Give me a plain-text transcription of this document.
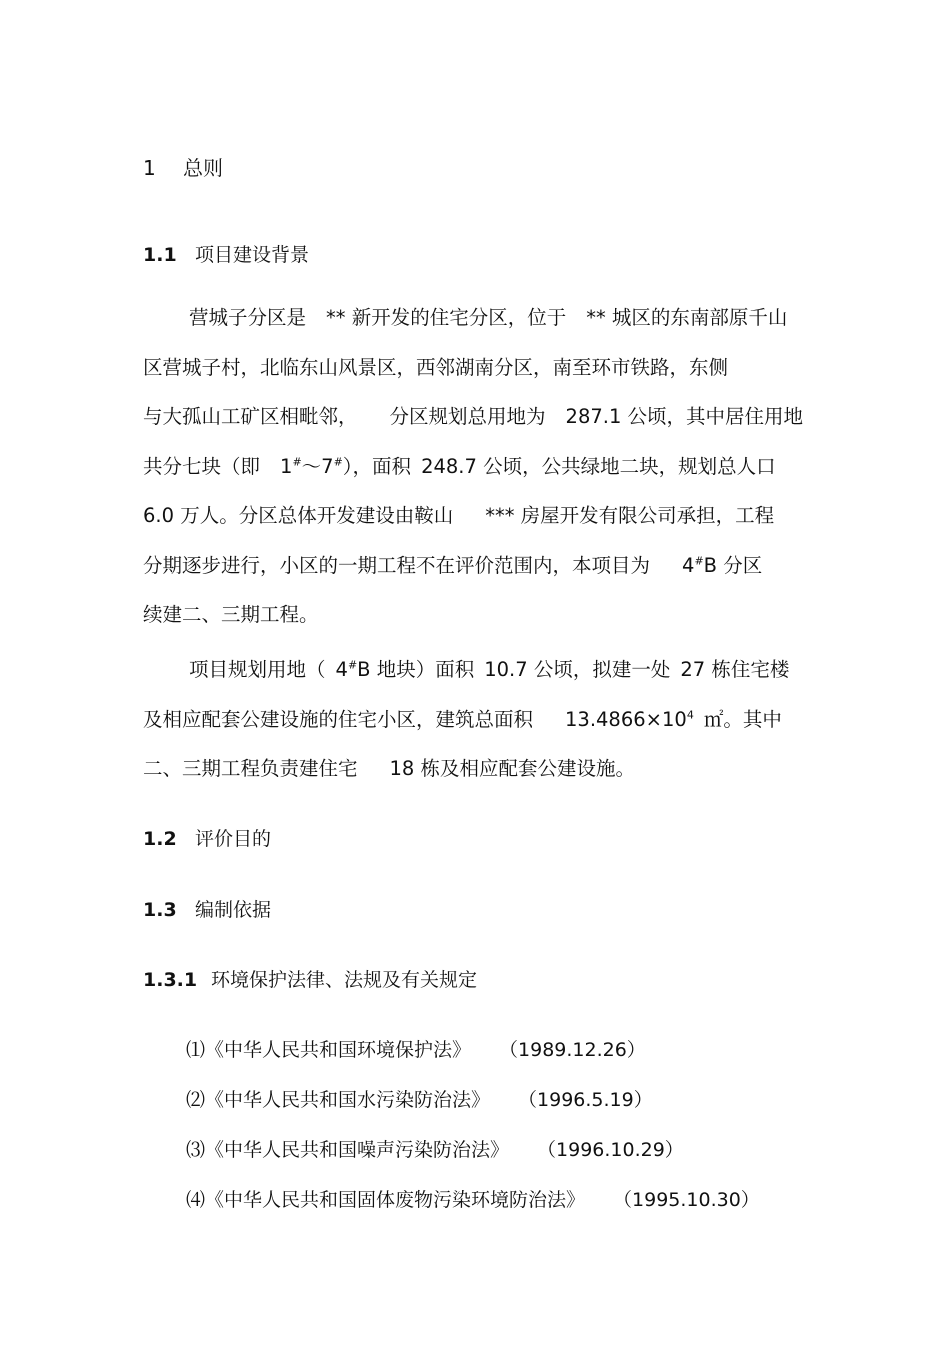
1 总则
1.1 项目建设背景
营城子分区是 ** 新开发的住宅分区，位于 ** 城区的东南部原千山
区营城子村，北临东山风景区，西邻湖南分区，南至环市铁路，东侧
与大孤山工矿区相毗邻， 分区规划总用地为 287.1 公顷，其中居住用地
共分七块（即 1#～7#），面积 248.7 公顷，公共绿地二块，规划总人口
6.0 万人。分区总体开发建设由鞍山 *** 房屋开发有限公司承担，工程
分期逐步进行，小区的一期工程不在评价范围内，本项目为 4#B 分区
续建二、三期工程。
项目规划用地（ 4#B 地块）面积 10.7 公顷，拟建一处 27 栋住宅楼
及相应配套公建设施的住宅小区，建筑总面积 $13.4866\times 10^4$ ㎡。其中
二、三期工程负责建住宅 18 栋及相应配套公建设施。
1.2 评价目的
1.3 编制依据
1.3.1 环境保护法律、法规及有关规定
⑴《中华人民共和国环境保护法》 （1989.12.26）
⑵《中华人民共和国水污染防治法》 （1996.5.19）
⑶《中华人民共和国噪声污染防治法》 （1996.10.29）
⑷《中华人民共和国固体废物污染环境防治法》 （1995.10.30）
